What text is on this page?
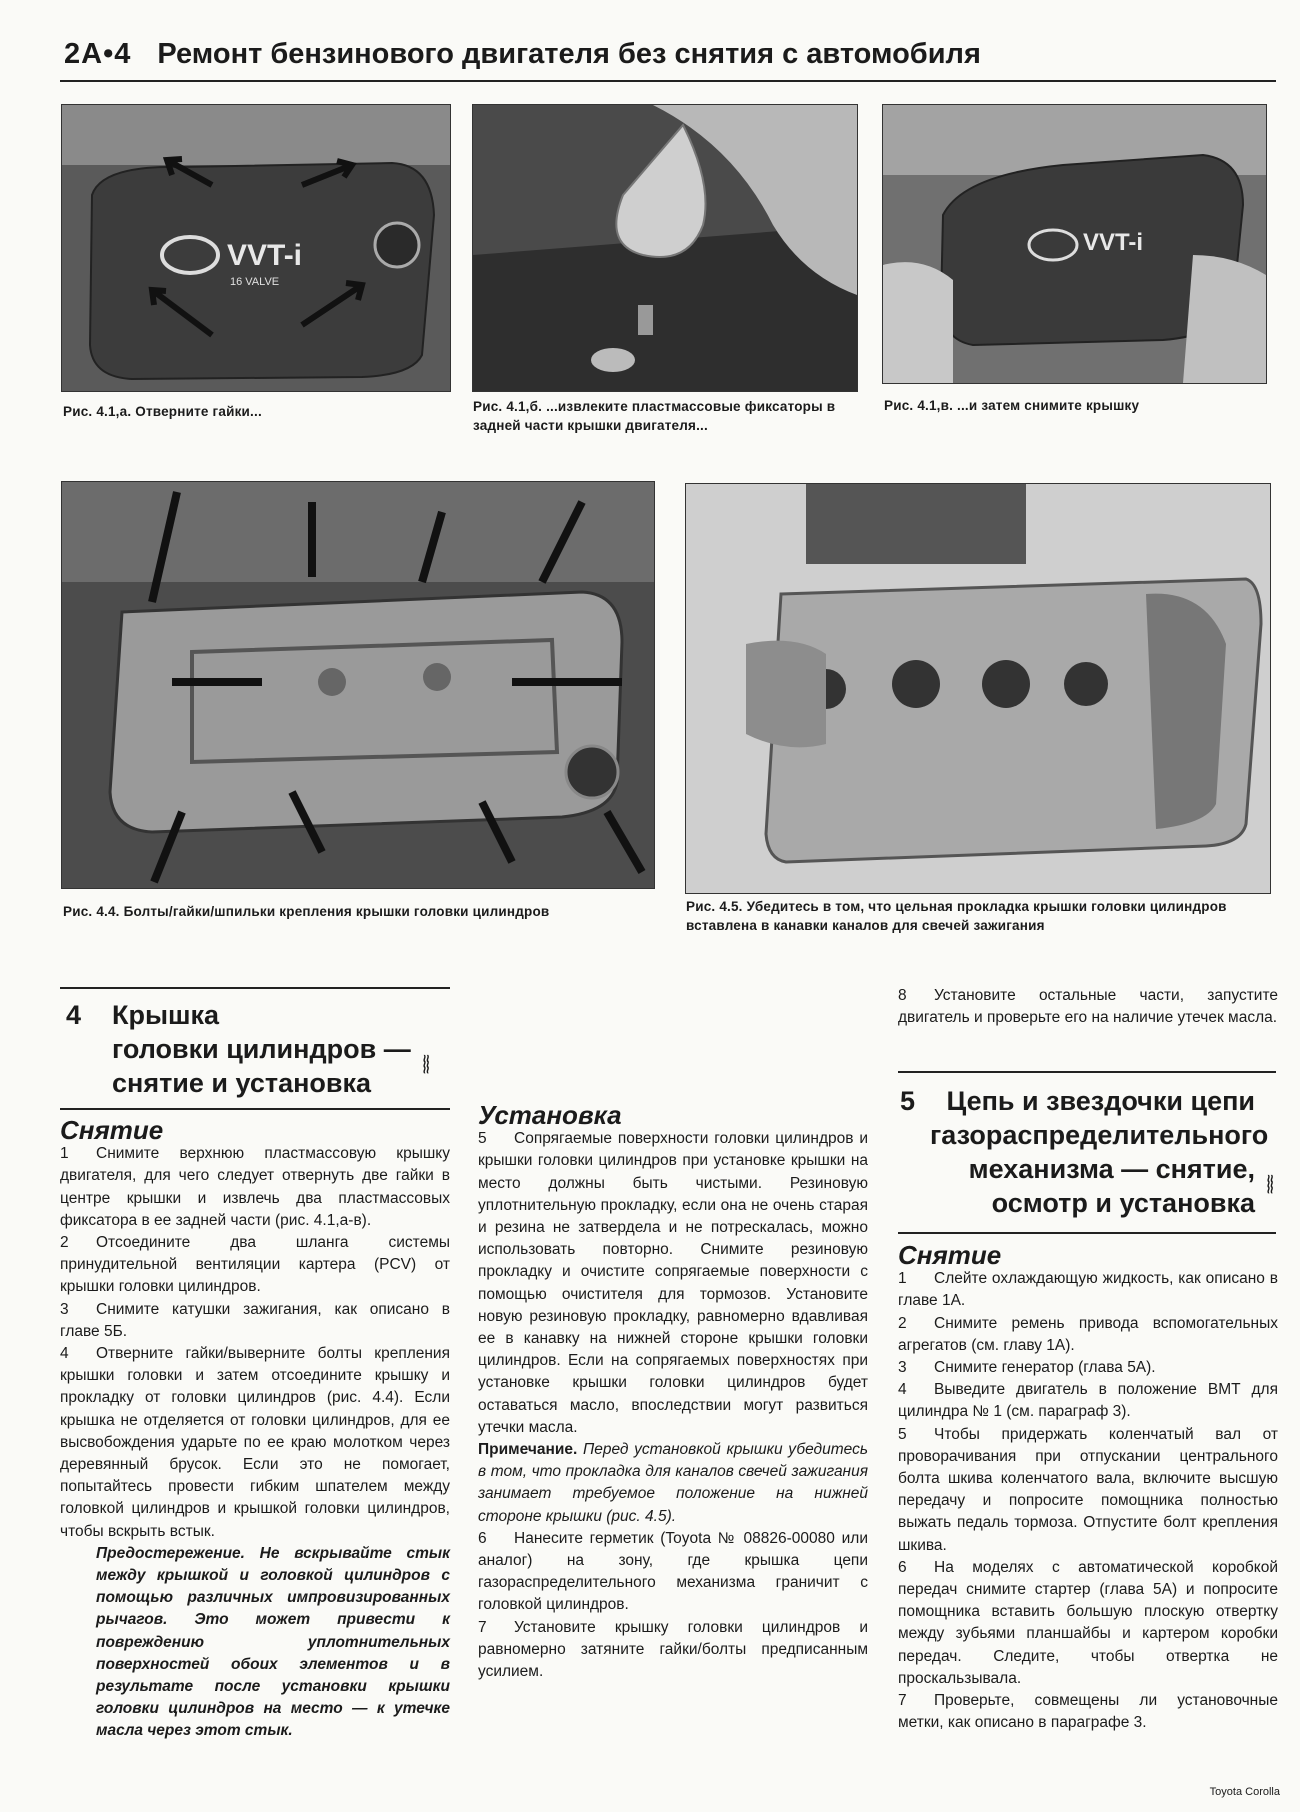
2A•4 Ремонт бензинового двигателя без снятия с автомобиля
VVT-i
16 VALVE
Рис. 4.1,а. Отверните гайки...	Рис. 4.1,б. ...извлеките пластмассовые фиксаторы в задней части крышки двигателя...
VVT-i
Рис. 4.1,в. ...и затем снимите крышку
Рис. 4.4. Болты/гайки/шпильки крепления крышки головки цилиндров	Рис. 4.5. Убедитесь в том, что цельная прокладка крышки головки цилиндров вставлена в канавки каналов для свечей зажигания
4	Крышка
головки цилиндров —
снятие и установка
≈≈≈
Снятие

1 Снимите верхнюю пластмассовую крышку двигателя, для чего следует отвернуть две гайки в центре крышки и извлечь два пластмассовых фиксатора в ее задней части (рис. 4.1,а-в).

2 Отсоедините два шланга системы принудительной вентиляции картера (PCV) от крышки головки цилиндров.

3 Снимите катушки зажигания, как описано в главе 5Б.

4 Отверните гайки/выверните болты крепления крышки головки и затем отсоедините крышку и прокладку от головки цилиндров (рис. 4.4). Если крышка не отделяется от головки цилиндров, для ее высвобождения ударьте по ее краю молотком через деревянный брусок. Если это не помогает, попытайтесь провести гибким шпателем между головкой цилиндров и крышкой головки цилиндров, чтобы вскрыть встык.

Предостережение. Не вскрывайте стык между крышкой и головкой цилиндров с помощью различных импровизированных рычагов. Это может привести к повреждению уплотнительных поверхностей обоих элементов и в результате после установки крышки головки цилиндров на место — к утечке масла через этот стык.

Установка

5 Сопрягаемые поверхности головки цилиндров и крышки головки цилиндров при установке крышки на место должны быть чистыми. Резиновую уплотнительную прокладку, если она не очень старая и резина не затвердела и не потрескалась, можно использовать повторно. Снимите резиновую прокладку и очистите сопрягаемые поверхности с помощью очистителя для тормозов. Установите новую резиновую прокладку, равномерно вдавливая ее в канавку на нижней стороне крышки головки цилиндров. Если на сопрягаемых поверхностях при установке крышки головки цилиндров будет оставаться масло, впоследствии могут развиться утечки масла.

Примечание. Перед установкой крышки убедитесь в том, что прокладка для каналов свечей зажигания занимает требуемое положение на нижней стороне крышки (рис. 4.5).

6 Нанесите герметик (Toyota № 08826-00080 или аналог) на зону, где крышка цепи газораспределительного механизма граничит с головкой цилиндров.

7 Установите крышку головки цилиндров и равномерно затяните гайки/болты предписанным усилием.

8 Установите остальные части, запустите двигатель и проверьте его на наличие утечек масла.

5	Цепь и звездочки цепи
газораспределительного
механизма — снятие,
осмотр и установка
≈≈≈
Снятие

1 Слейте охлаждающую жидкость, как описано в главе 1А.

2 Снимите ремень привода вспомогательных агрегатов (см. главу 1А).

3 Снимите генератор (глава 5А).

4 Выведите двигатель в положение ВМТ для цилиндра № 1 (см. параграф 3).

5 Чтобы придержать коленчатый вал от проворачивания при отпускании центрального болта шкива коленчатого вала, включите высшую передачу и попросите помощника полностью выжать педаль тормоза. Отпустите болт крепления шкива.

6 На моделях с автоматической коробкой передач снимите стартер (глава 5А) и попросите помощника вставить большую плоскую отвертку между зубьями планшайбы и картером коробки передач. Следите, чтобы отвертка не проскальзывала.

7 Проверьте, совмещены ли установочные метки, как описано в параграфе 3.

Toyota Corolla
